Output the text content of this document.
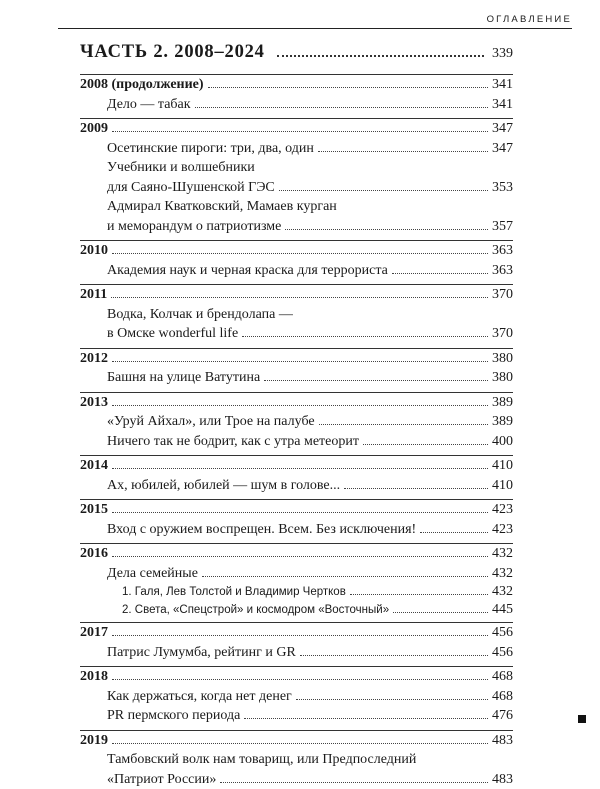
ОГЛАВЛЕНИЕ
ЧАСТЬ 2. 2008–2024	339
2008 (продолжение)	341
Дело — табак	341
2009	347
Осетинские пироги: три, два, один	347
Учебники и волшебники
для Саяно-Шушенской ГЭС	353
Адмирал Кватковский, Мамаев курган
и меморандум о патриотизме	357
2010	363
Академия наук и черная краска для террориста	363
2011	370
Водка, Колчак и брендолапа —
в Омске wonderful life	370
2012	380
Башня на улице Ватутина	380
2013	389
«Уруй Айхал», или Трое на палубе	389
Ничего так не бодрит, как с утра метеорит	400
2014	410
Ах, юбилей, юбилей — шум в голове...	410
2015	423
Вход с оружием воспрещен. Всем. Без исключения!	423
2016	432
Дела семейные	432
1. Галя, Лев Толстой и Владимир Чертков	432
2. Света, «Спецстрой» и космодром «Восточный»	445
2017	456
Патрис Лумумба, рейтинг и GR	456
2018	468
Как держаться, когда нет денег	468
PR пермского периода	476
2019	483
Тамбовский волк нам товарищ, или Предпоследний
«Патриот России»	483
